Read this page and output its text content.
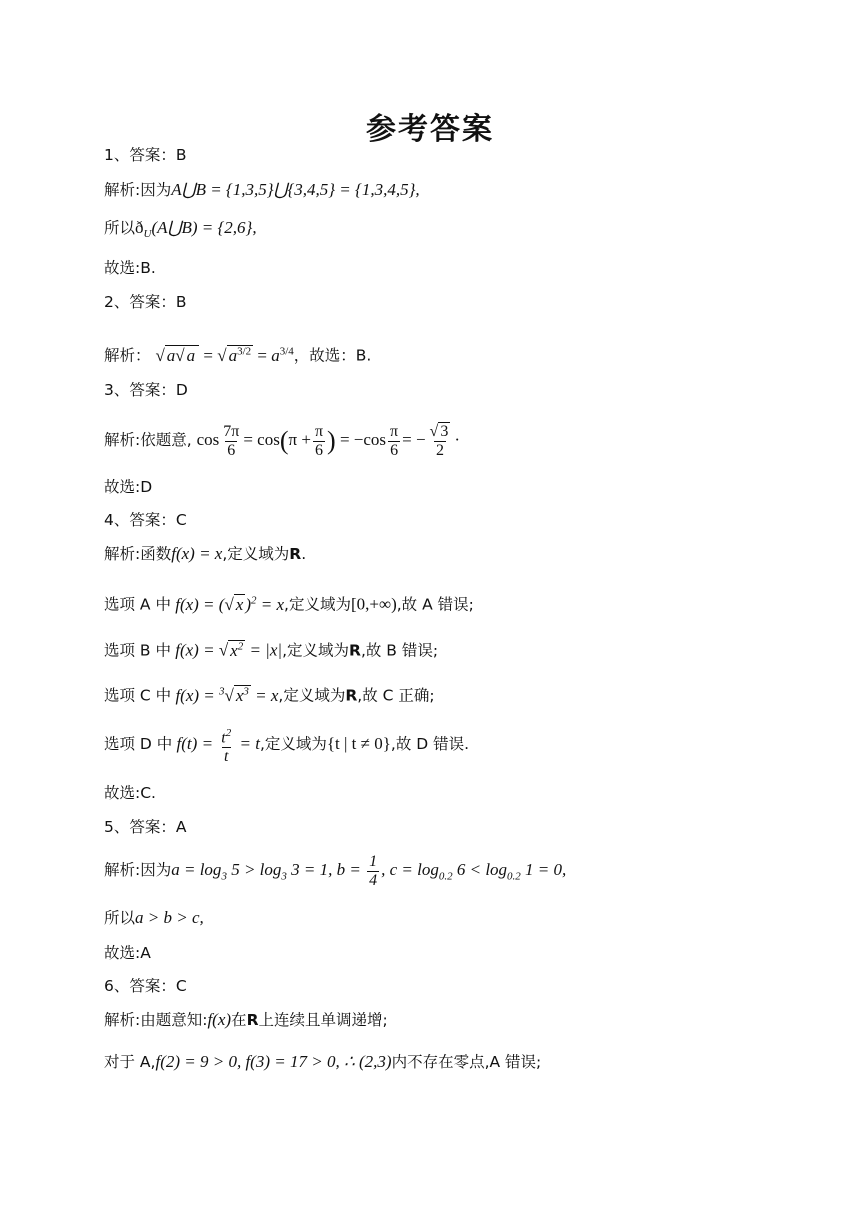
参考答案
1、答案：B
解析:因为A⋃B = {1,3,5}⋃{3,4,5} = {1,3,4,5},
所以$ð_U(A⋃B) = \{2,6\}$,
故选:B.
2、答案：B
解析： √ a√ a = √ $a^{3/2} = a^{3/4}$，故选：B.
3、答案：D
解析:依题意, $\cos \frac{7\pi}{6} = \cos(\pi + \frac{\pi}{6}$ ) = $-\cos \frac{\pi}{6}$ = − $\frac{√ 3}{2}$ ·
故选:D
4、答案：C
解析:函数f(x) = x,定义域为R.
选项 A 中 f(x) = (√ x )$^2$ = x,定义域为[0,+∞),故 A 错误;
选项 B 中 f(x) = √ $x^2 = |x|$,定义域为R,故 B 错误;
选项 C 中 f(x) = $^3$√ $x^3 = x$,定义域为R,故 C 正确;
选项 D 中 $f(t) = \frac{t^2}{t} = t$,定义域为{t | t ≠ 0},故 D 错误.
故选:C.
5、答案：A
解析:因为$a = \log_3 5 > \log_3 3 = 1$, $b = \frac{1}{4}$ , $c = \log_{0.2} 6 < \log_{0.2} 1 = 0$,
所以a > b > c,
故选:A
6、答案：C
解析:由题意知:f(x)在R上连续且单调递增;
对于 A,f(2) = 9 > 0, f(3) = 17 > 0, ∴ (2,3)内不存在零点,A 错误;
